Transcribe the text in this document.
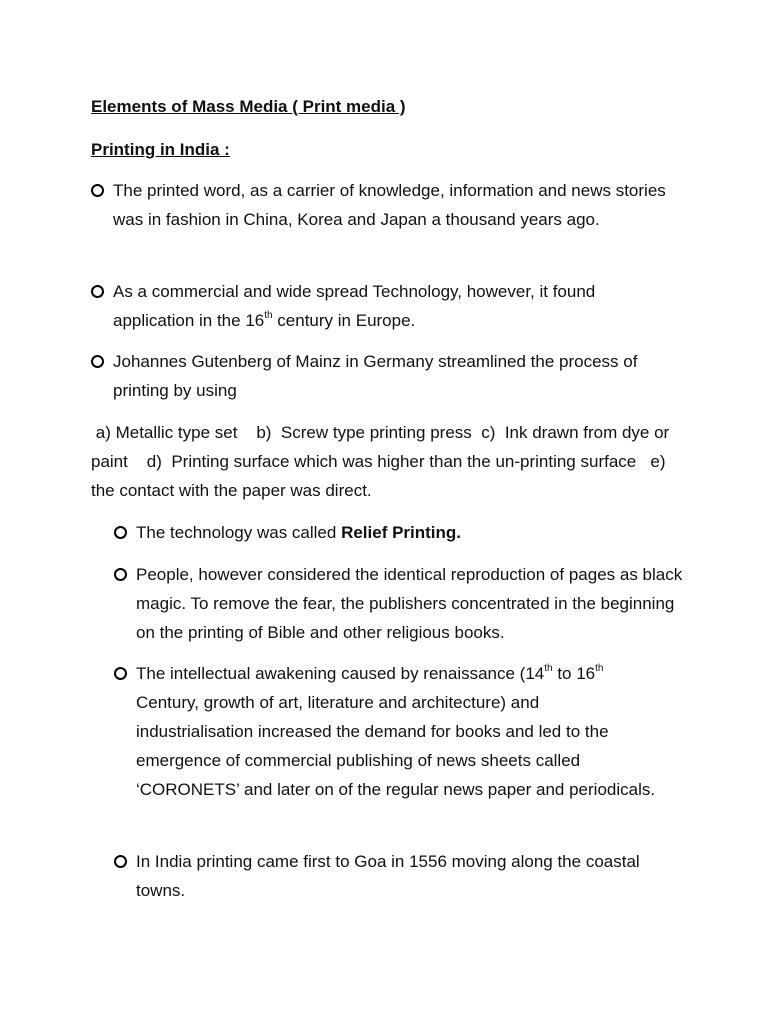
Elements of Mass Media ( Print media )
Printing in India :
The printed word, as a carrier of knowledge, information and news stories was in fashion in China, Korea and Japan a thousand years ago.
As a commercial and wide spread Technology, however, it found application in the 16th century in Europe.
Johannes Gutenberg of Mainz in Germany streamlined the process of printing by using
a) Metallic type set    b)  Screw type printing press  c)  Ink drawn from dye or paint    d)  Printing surface which was higher than the un-printing surface   e)  the contact with the paper was direct.
The technology was called Relief Printing.
People, however considered the identical reproduction of pages as black magic. To remove the fear, the publishers concentrated in the beginning on the printing of Bible and other religious books.
The intellectual awakening caused by renaissance (14th to 16th Century, growth of art, literature and architecture) and industrialisation increased the demand for books and led to the emergence of commercial publishing of news sheets called ‘CORONETS’ and later on of the regular news paper and periodicals.
In India printing came first to Goa in 1556 moving along the coastal towns.
